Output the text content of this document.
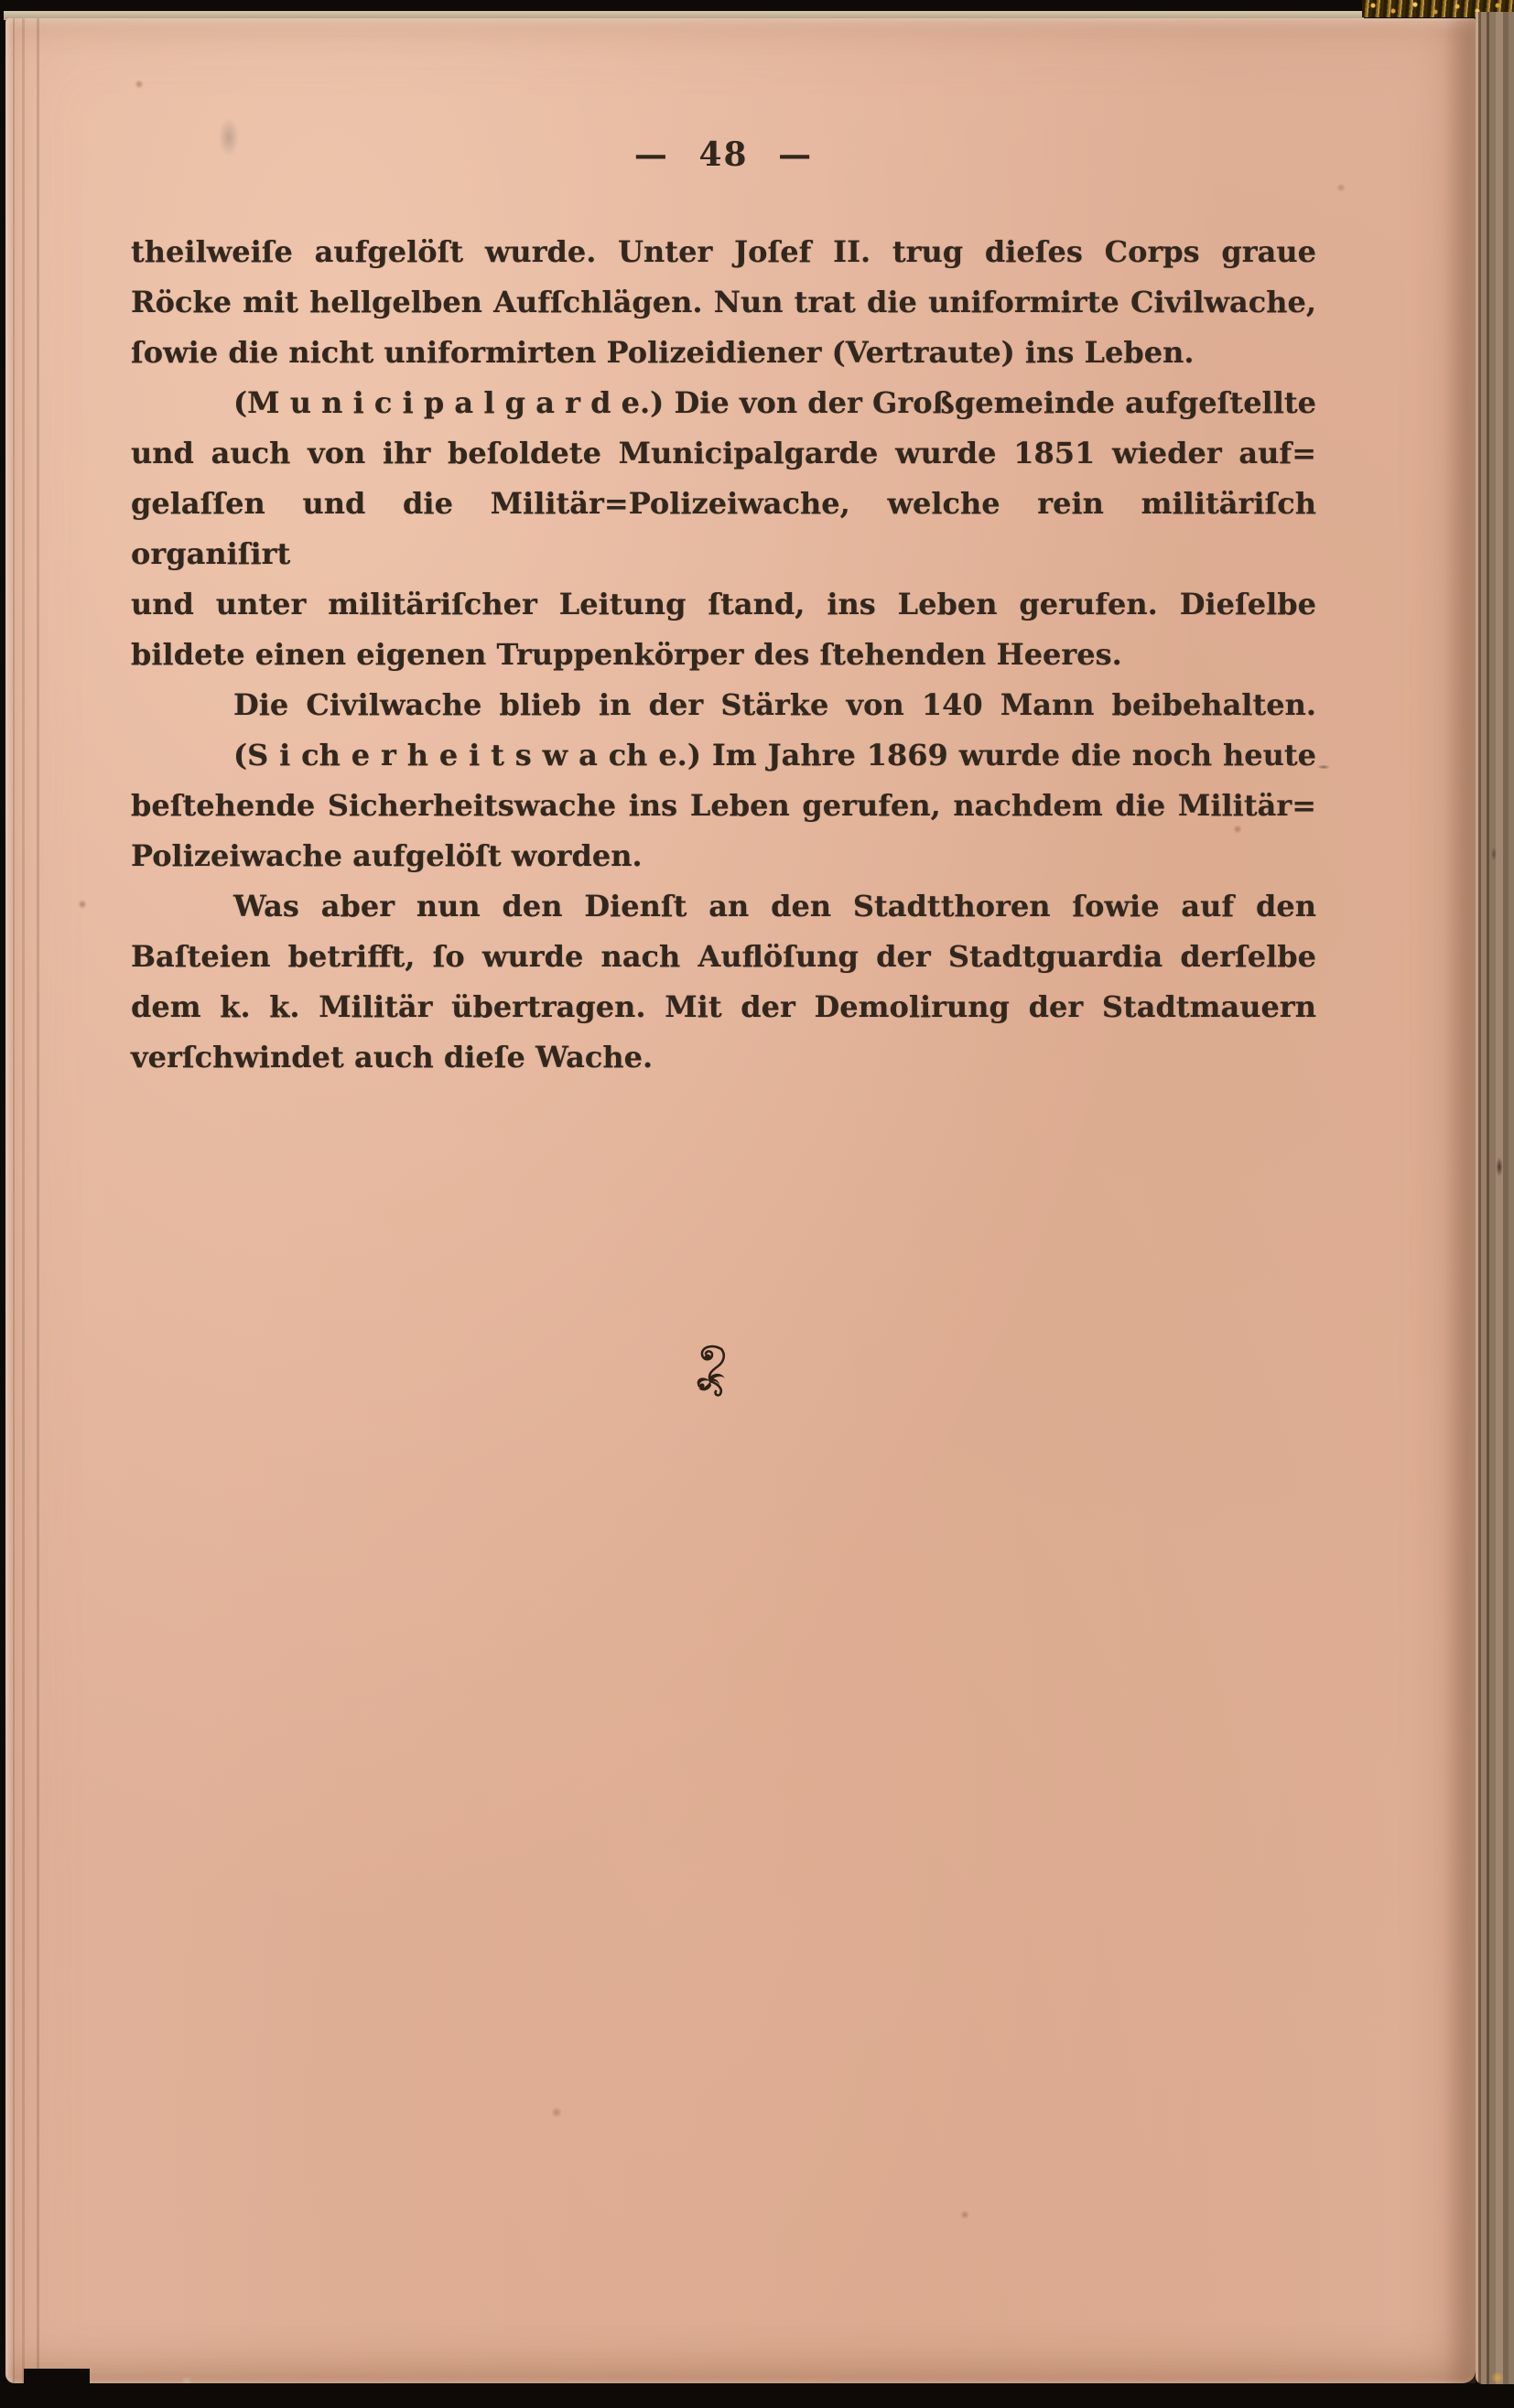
— 48 —
theilweiſe aufgelöſt wurde. Unter Joſef II. trug dieſes Corps graue
Röcke mit hellgelben Aufſchlägen. Nun trat die uniformirte Civilwache,
ſowie die nicht uniformirten Polizeidiener (Vertraute) ins Leben.
(M u n i c i p a l g a r d e.) Die von der Großgemeinde aufgeſtellte
und auch von ihr beſoldete Municipalgarde wurde 1851 wieder auf=
gelaſſen und die Militär=Polizeiwache, welche rein militäriſch organiſirt
und unter militäriſcher Leitung ſtand, ins Leben gerufen. Dieſelbe
bildete einen eigenen Truppenkörper des ſtehenden Heeres.
Die Civilwache blieb in der Stärke von 140 Mann beibehalten.
(S i ch e r h e i t s w a ch e.) Im Jahre 1869 wurde die noch heute
beſtehende Sicherheitswache ins Leben gerufen, nachdem die Militär=
Polizeiwache aufgelöſt worden.
Was aber nun den Dienſt an den Stadtthoren ſowie auf den
Baſteien betrifft, ſo wurde nach Auflöſung der Stadtguardia derſelbe
dem k. k. Militär übertragen. Mit der Demolirung der Stadtmauern
verſchwindet auch dieſe Wache.
